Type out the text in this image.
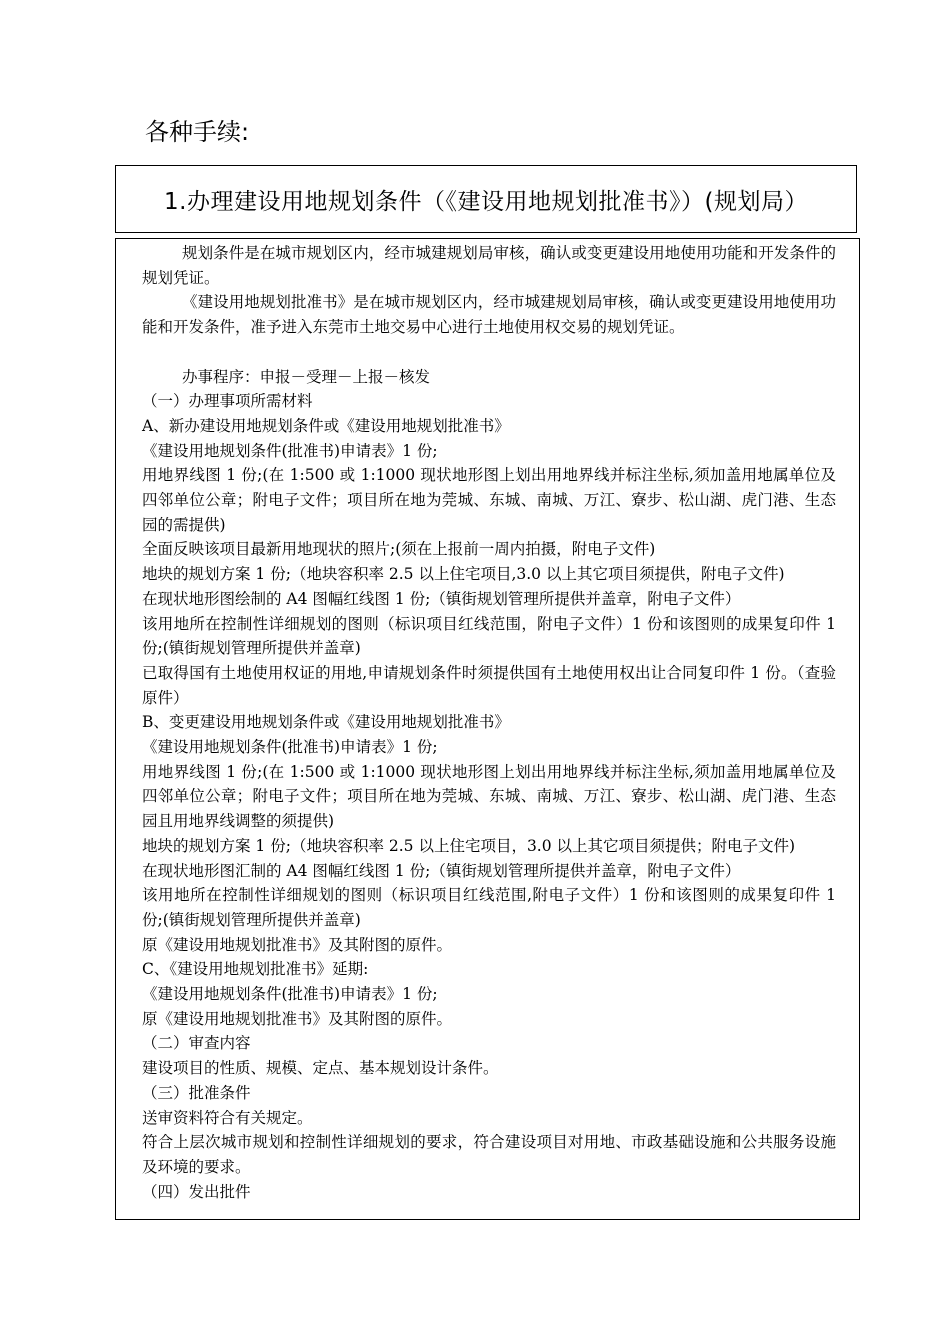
各种手续:
1.办理建设用地规划条件（《建设用地规划批准书》）(规划局）

规划条件是在城市规划区内，经市城建规划局审核，确认或变更建设用地使用功能和开发条件的规划凭证。

《建设用地规划批准书》是在城市规划区内，经市城建规划局审核，确认或变更建设用地使用功能和开发条件，准予进入东莞市土地交易中心进行土地使用权交易的规划凭证。

办事程序：申报－受理－上报－核发

（一）办理事项所需材料

A、新办建设用地规划条件或《建设用地规划批准书》

《建设用地规划条件(批准书)申请表》1 份;

用地界线图 1 份;(在 1:500 或 1:1000 现状地形图上划出用地界线并标注坐标,须加盖用地属单位及四邻单位公章；附电子文件；项目所在地为莞城、东城、南城、万江、寮步、松山湖、虎门港、生态园的需提供)

全面反映该项目最新用地现状的照片;(须在上报前一周内拍摄，附电子文件)

地块的规划方案 1 份;（地块容积率 2.5 以上住宅项目,3.0 以上其它项目须提供，附电子文件)

在现状地形图绘制的 A4 图幅红线图 1 份;（镇街规划管理所提供并盖章，附电子文件）

该用地所在控制性详细规划的图则（标识项目红线范围，附电子文件）1 份和该图则的成果复印件 1 份;(镇街规划管理所提供并盖章)

已取得国有土地使用权证的用地,申请规划条件时须提供国有土地使用权出让合同复印件 1 份。（查验原件）

B、变更建设用地规划条件或《建设用地规划批准书》

《建设用地规划条件(批准书)申请表》1 份;

用地界线图 1 份;(在 1:500 或 1:1000 现状地形图上划出用地界线并标注坐标,须加盖用地属单位及四邻单位公章；附电子文件；项目所在地为莞城、东城、南城、万江、寮步、松山湖、虎门港、生态园且用地界线调整的须提供)

地块的规划方案 1 份;（地块容积率 2.5 以上住宅项目，3.0 以上其它项目须提供；附电子文件)

在现状地形图汇制的 A4 图幅红线图 1 份;（镇街规划管理所提供并盖章，附电子文件）

该用地所在控制性详细规划的图则（标识项目红线范围,附电子文件）1 份和该图则的成果复印件 1 份;(镇街规划管理所提供并盖章)

原《建设用地规划批准书》及其附图的原件。

C、《建设用地规划批准书》延期:

《建设用地规划条件(批准书)申请表》1 份;

原《建设用地规划批准书》及其附图的原件。

（二）审查内容

建设项目的性质、规模、定点、基本规划设计条件。

（三）批准条件

送审资料符合有关规定。

符合上层次城市规划和控制性详细规划的要求，符合建设项目对用地、市政基础设施和公共服务设施及环境的要求。

（四）发出批件
